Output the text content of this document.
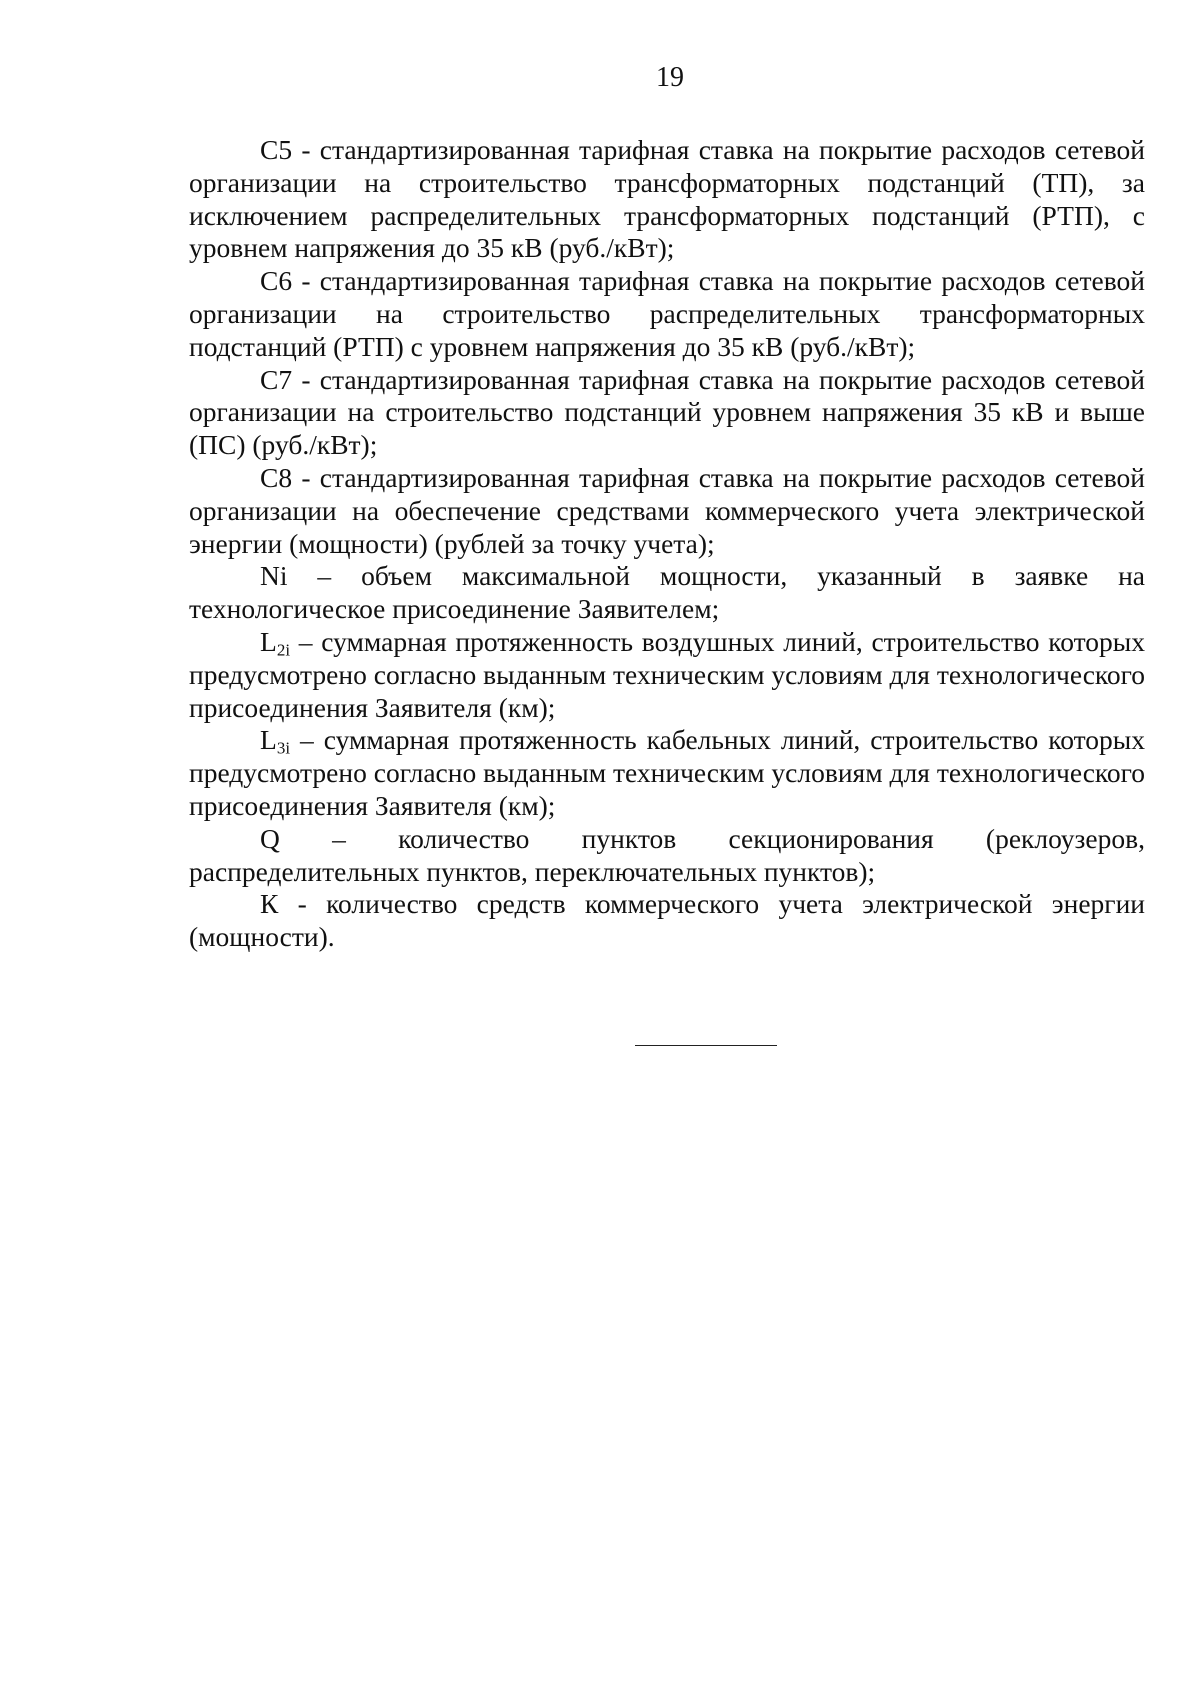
19

C5 - стандартизированная тарифная ставка на покрытие расходов сетевой организации на строительство трансформаторных подстанций (ТП), за исключением распределительных трансформаторных подстанций (РТП), с уровнем напряжения до 35 кВ (руб./кВт);

C6 - стандартизированная тарифная ставка на покрытие расходов сетевой организации на строительство распределительных трансформаторных подстанций (РТП) с уровнем напряжения до 35 кВ (руб./кВт);

C7 - стандартизированная тарифная ставка на покрытие расходов сетевой организации на строительство подстанций уровнем напряжения 35 кВ и выше (ПС) (руб./кВт);

C8 - стандартизированная тарифная ставка на покрытие расходов сетевой организации на обеспечение средствами коммерческого учета электрической энергии (мощности) (рублей за точку учета);

Ni – объем максимальной мощности, указанный в заявке на технологическое присоединение Заявителем;

$L_{2i}$ – суммарная протяженность воздушных линий, строительство которых предусмотрено согласно выданным техническим условиям для технологического присоединения Заявителя (км);

$L_{3i}$ – суммарная протяженность кабельных линий, строительство которых предусмотрено согласно выданным техническим условиям для технологического присоединения Заявителя (км);

Q – количество пунктов секционирования (реклоузеров, распределительных пунктов, переключательных пунктов);

К - количество средств коммерческого учета электрической энергии (мощности).
